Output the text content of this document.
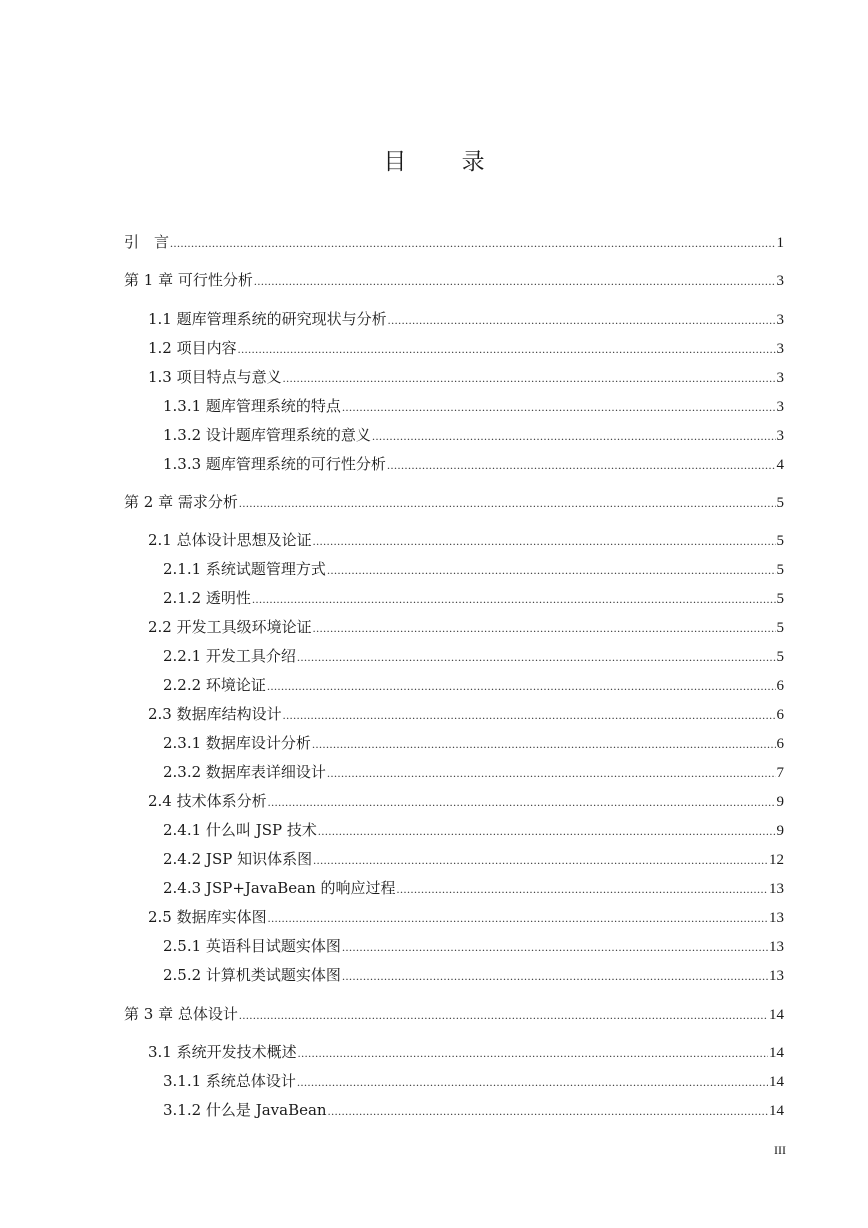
目 录
引　言 .....	1
第 1 章 可行性分析 .....	3
1.1 题库管理系统的研究现状与分析 .....	3
1.2 项目内容 .....	3
1.3 项目特点与意义 .....	3
1.3.1 题库管理系统的特点 .....	3
1.3.2 设计题库管理系统的意义 .....	3
1.3.3 题库管理系统的可行性分析 .....	4
第 2 章 需求分析 .....	5
2.1 总体设计思想及论证 .....	5
2.1.1 系统试题管理方式 .....	5
2.1.2 透明性 .....	5
2.2 开发工具级环境论证 .....	5
2.2.1 开发工具介绍 .....	5
2.2.2 环境论证 .....	6
2.3 数据库结构设计 .....	6
2.3.1 数据库设计分析 .....	6
2.3.2 数据库表详细设计 .....	7
2.4 技术体系分析 .....	9
2.4.1 什么叫 JSP 技术 .....	9
2.4.2 JSP 知识体系图 .....	12
2.4.3 JSP+JavaBean 的响应过程 .....	13
2.5 数据库实体图 .....	13
2.5.1 英语科目试题实体图 .....	13
2.5.2 计算机类试题实体图 .....	13
第 3 章 总体设计 .....	14
3.1 系统开发技术概述 .....	14
3.1.1 系统总体设计 .....	14
3.1.2 什么是 JavaBean .....	14
III
